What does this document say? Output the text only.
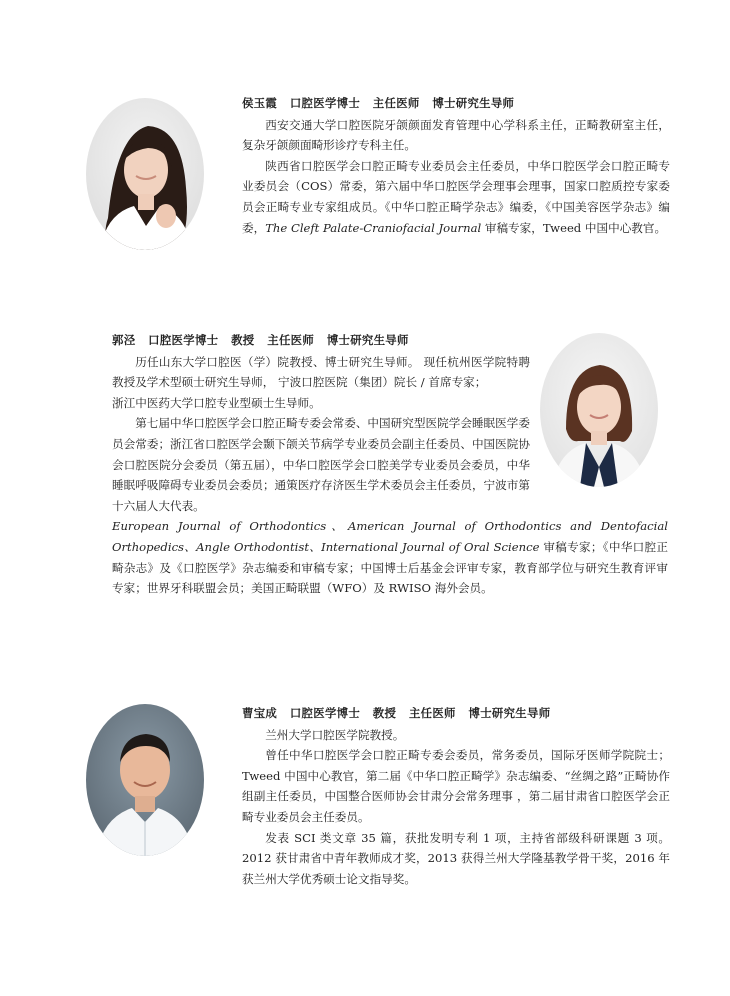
侯玉霞   口腔医学博士   主任医师   博士研究生导师

西安交通大学口腔医院牙颌颜面发育管理中心学科系主任，正畸教研室主任，复杂牙颌颜面畸形诊疗专科主任。

陕西省口腔医学会口腔正畸专业委员会主任委员，中华口腔医学会口腔正畸专业委员会（COS）常委，第六届中华口腔医学会理事会理事，国家口腔质控专家委员会正畸专业专家组成员。《中华口腔正畸学杂志》编委，《中国美容医学杂志》编委，The Cleft Palate-Craniofacial Journal 审稿专家，Tweed 中国中心教官。

郭泾   口腔医学博士   教授   主任医师   博士研究生导师

历任山东大学口腔医（学）院教授、博士研究生导师。 现任杭州医学院特聘教授及学术型硕士研究生导师， 宁波口腔医院（集团）院长 / 首席专家；

浙江中医药大学口腔专业型硕士生导师。

第七届中华口腔医学会口腔正畸专委会常委、中国研究型医院学会睡眠医学委员会常委；浙江省口腔医学会颞下颌关节病学专业委员会副主任委员、中国医院协会口腔医院分会委员（第五届），中华口腔医学会口腔美学专业委员会委员，中华睡眠呼吸障碍专业委员会委员；通策医疗存济医生学术委员会主任委员，宁波市第十六届人大代表。

European Journal of Orthodontics、American Journal of Orthodontics and Dentofacial Orthopedics、Angle Orthodontist、International Journal of Oral Science 审稿专家；《中华口腔正畸杂志》及《口腔医学》杂志编委和审稿专家；中国博士后基金会评审专家，教育部学位与研究生教育评审专家；世界牙科联盟会员；美国正畸联盟（WFO）及 RWISO 海外会员。

曹宝成   口腔医学博士   教授   主任医师   博士研究生导师

兰州大学口腔医学院教授。

曾任中华口腔医学会口腔正畸专委会委员，常务委员，国际牙医师学院院士；Tweed 中国中心教官，第二届《中华口腔正畸学》杂志编委、“丝绸之路”正畸协作组副主任委员，中国整合医师协会甘肃分会常务理事 ，第二届甘肃省口腔医学会正畸专业委员会主任委员。

发表 SCI 类文章 35 篇，获批发明专利 1 项，主持省部级科研课题 3 项。2012 获甘肃省中青年教师成才奖，2013 获得兰州大学隆基教学骨干奖，2016 年获兰州大学优秀硕士论文指导奖。
